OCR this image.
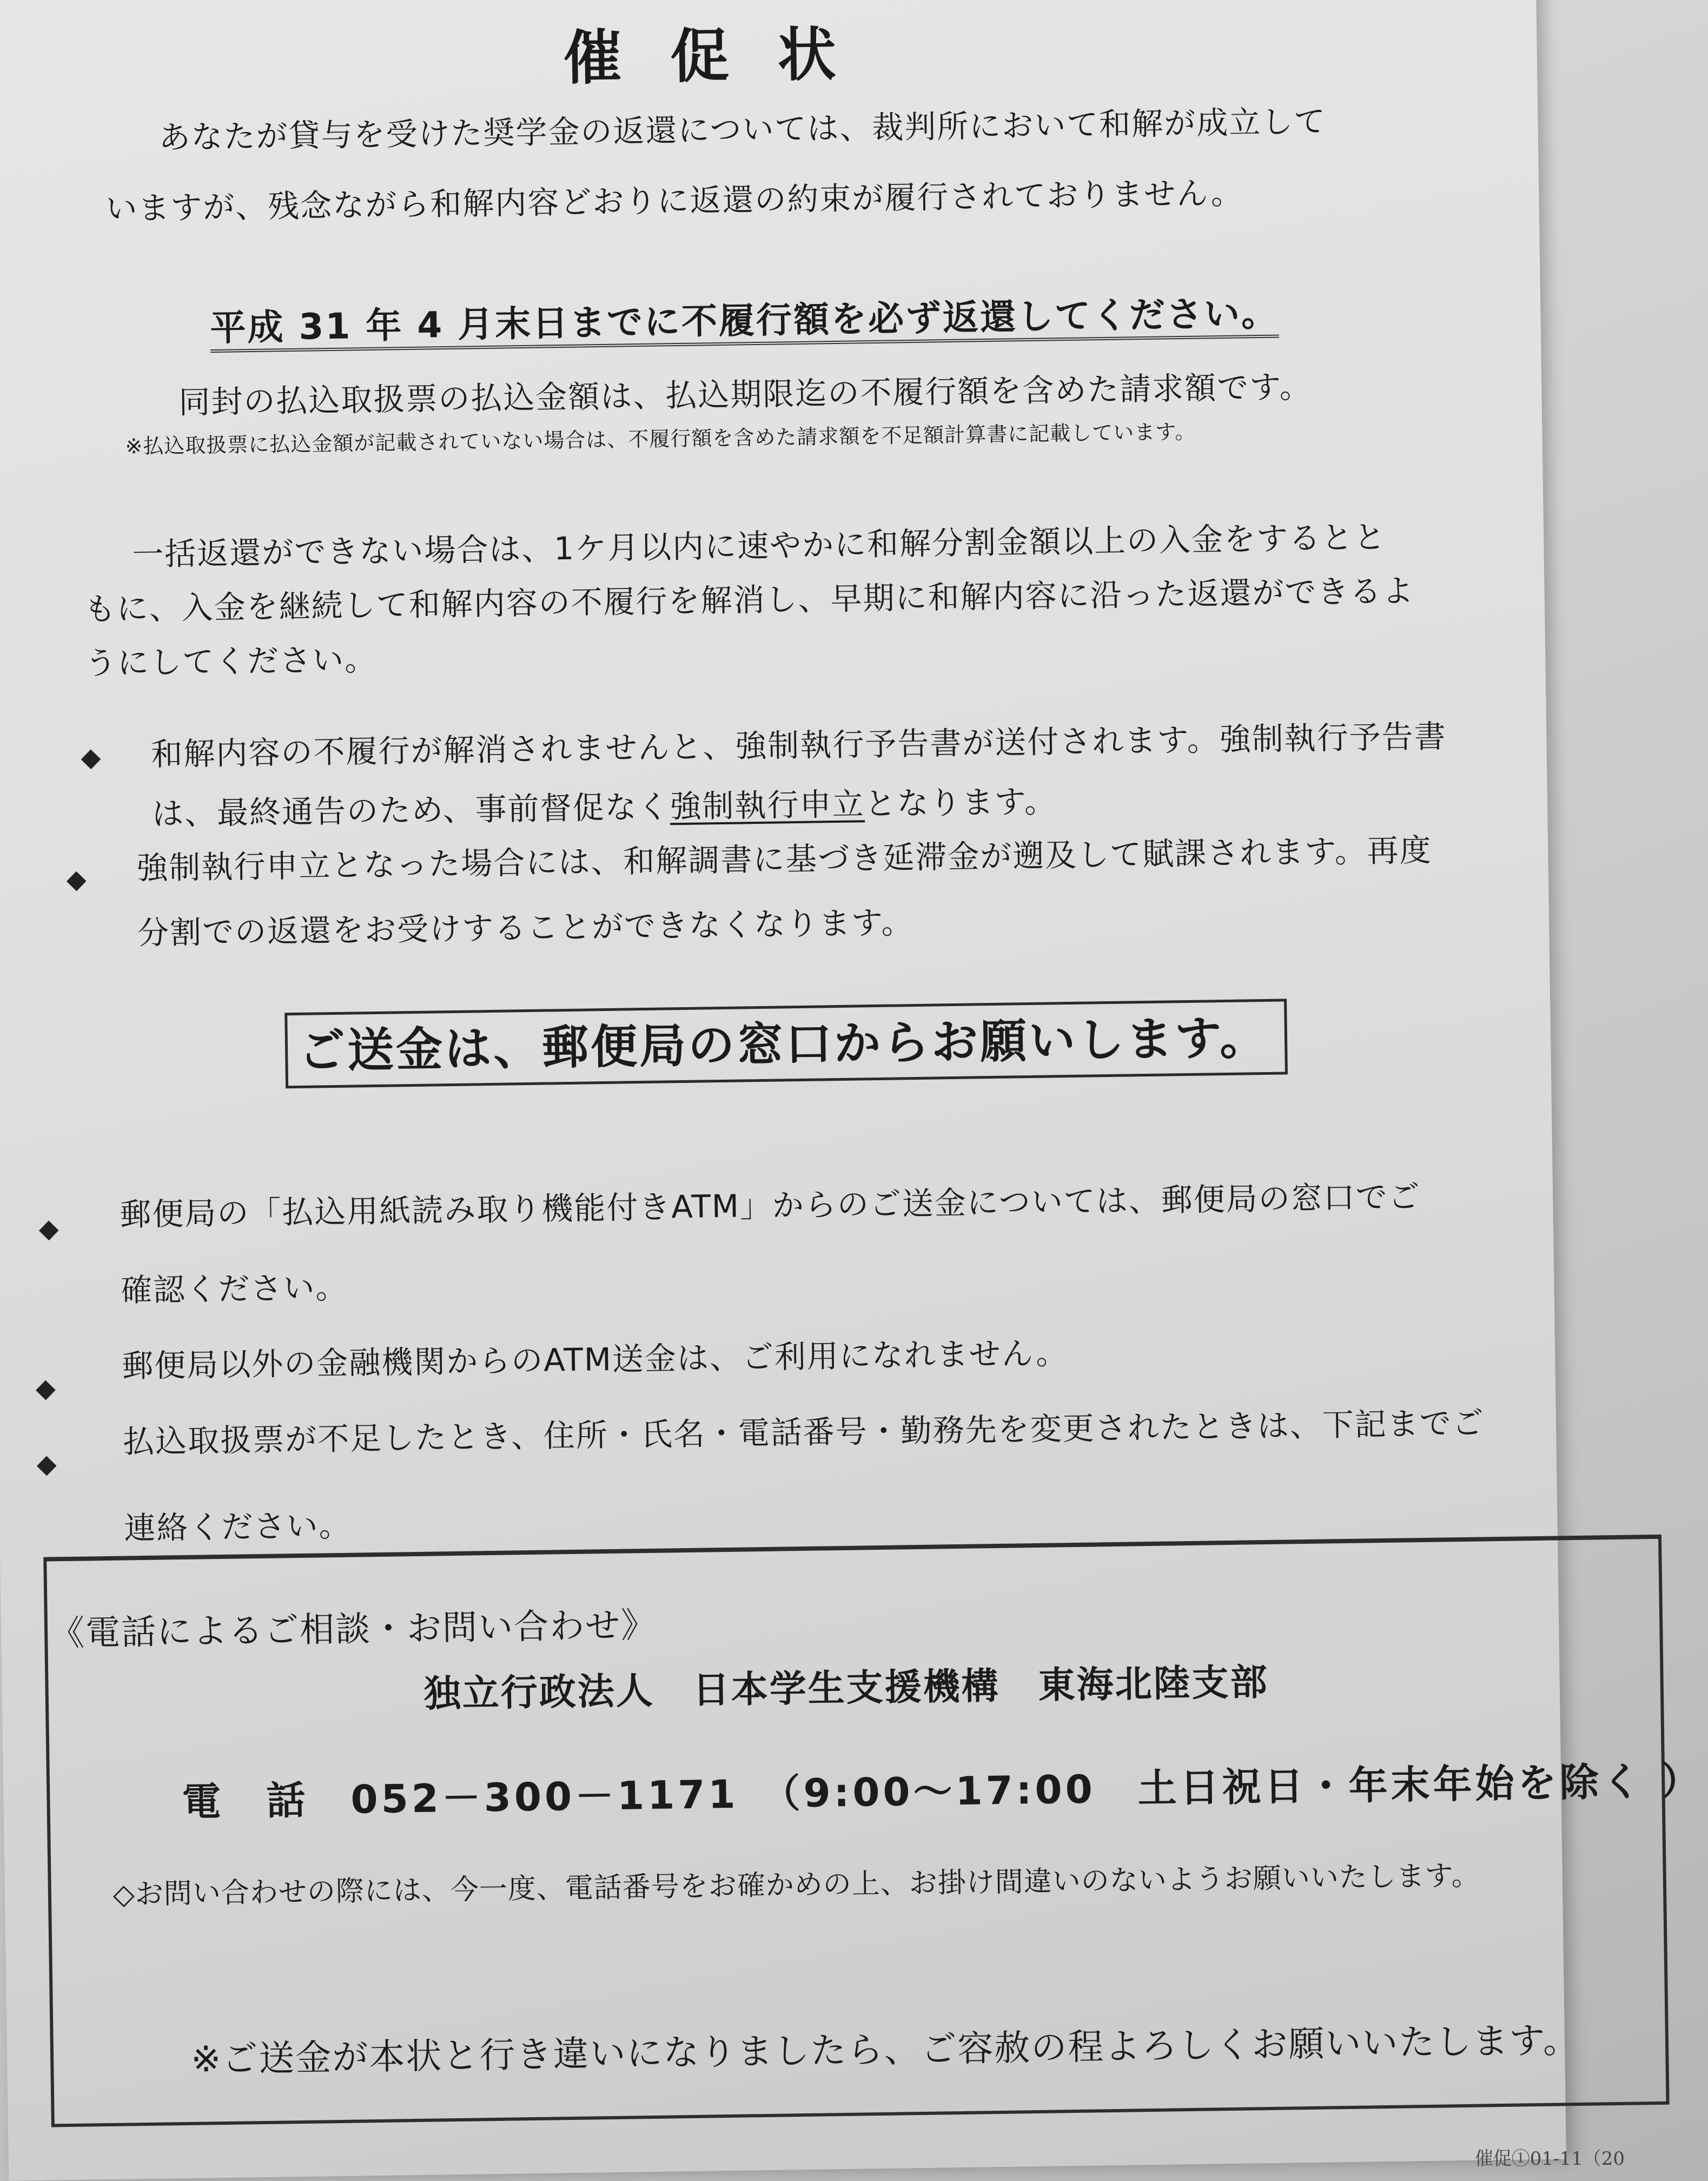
催促状
あなたが貸与を受けた奨学金の返還については、裁判所において和解が成立して
いますが、残念ながら和解内容どおりに返還の約束が履行されておりません。
平成 31 年 4 月末日までに不履行額を必ず返還してください。
同封の払込取扱票の払込金額は、払込期限迄の不履行額を含めた請求額です。
※払込取扱票に払込金額が記載されていない場合は、不履行額を含めた請求額を不足額計算書に記載しています。
一括返還ができない場合は、1ケ月以内に速やかに和解分割金額以上の入金をするとと
もに、入金を継続して和解内容の不履行を解消し、早期に和解内容に沿った返還ができるよ
うにしてください。
◆ 和解内容の不履行が解消されませんと、強制執行予告書が送付されます。強制執行予告書
は、最終通告のため、事前督促なく強制執行申立となります。
◆ 強制執行申立となった場合には、和解調書に基づき延滞金が遡及して賦課されます。再度
分割での返還をお受けすることができなくなります。
ご送金は、郵便局の窓口からお願いします。
◆ 郵便局の「払込用紙読み取り機能付きATM」からのご送金については、郵便局の窓口でご
確認ください。
◆
郵便局以外の金融機関からのATM送金は、ご利用になれません。
◆
払込取扱票が不足したとき、住所・氏名・電話番号・勤務先を変更されたときは、下記までご
連絡ください。
《電話によるご相談・お問い合わせ》
独立行政法人　日本学生支援機構　東海北陸支部
電　話　 052－300－1171　 （9:00～17:00　 土日祝日・年末年始を除く ）
◇お問い合わせの際には、今一度、電話番号をお確かめの上、お掛け間違いのないようお願いいたします。
※ご送金が本状と行き違いになりましたら、ご容赦の程よろしくお願いいたします。
催促①01-11（20
